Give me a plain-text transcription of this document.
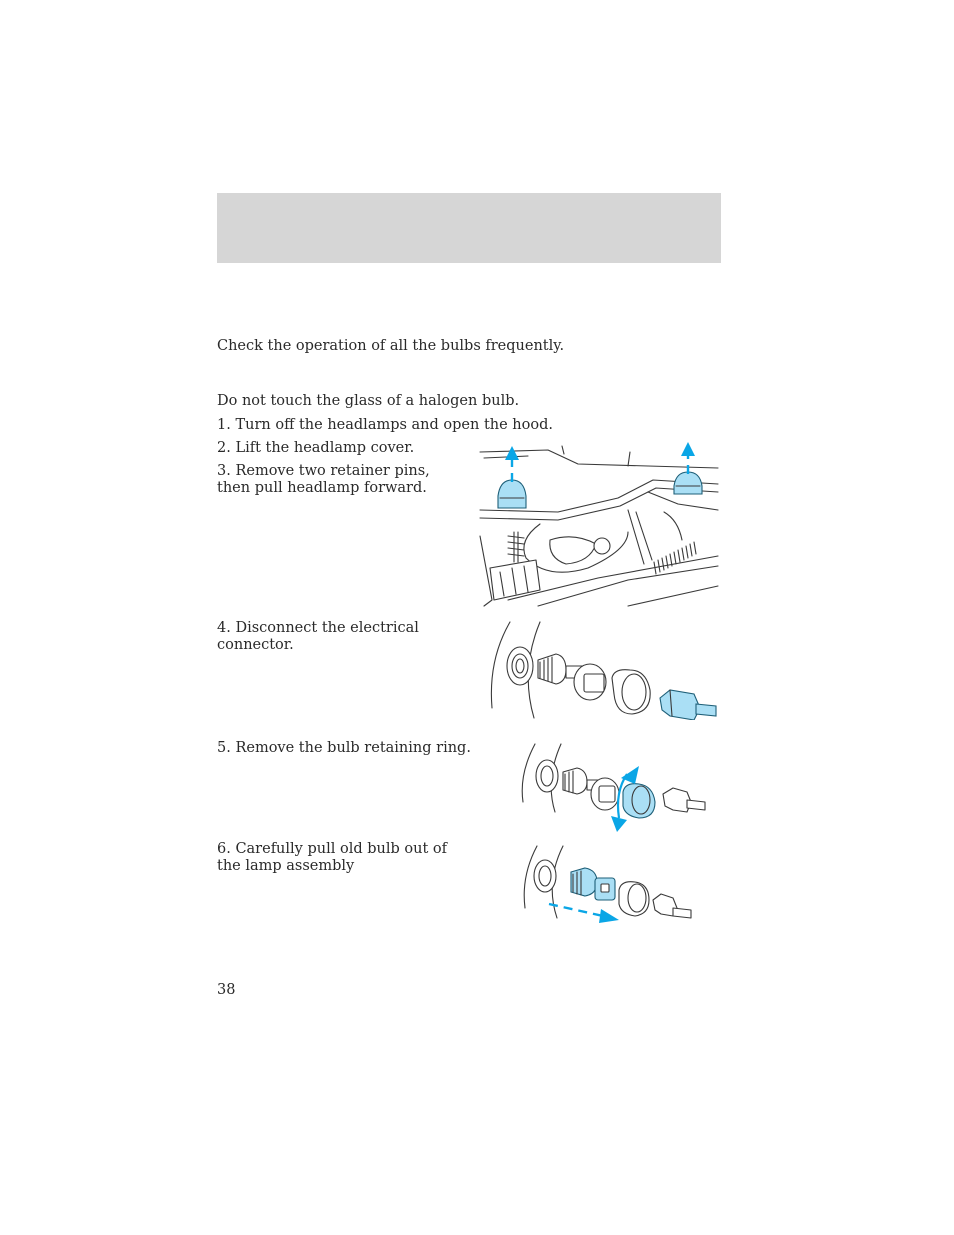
Check the operation of all the bulbs frequently.
Do not touch the glass of a halogen bulb.
1. Turn off the headlamps and open the hood.
2. Lift the headlamp cover.
3. Remove two retainer pins, then pull headlamp forward.
4. Disconnect the electrical connector.
5. Remove the bulb retaining ring.
6. Carefully pull old bulb out of the lamp assembly
38
